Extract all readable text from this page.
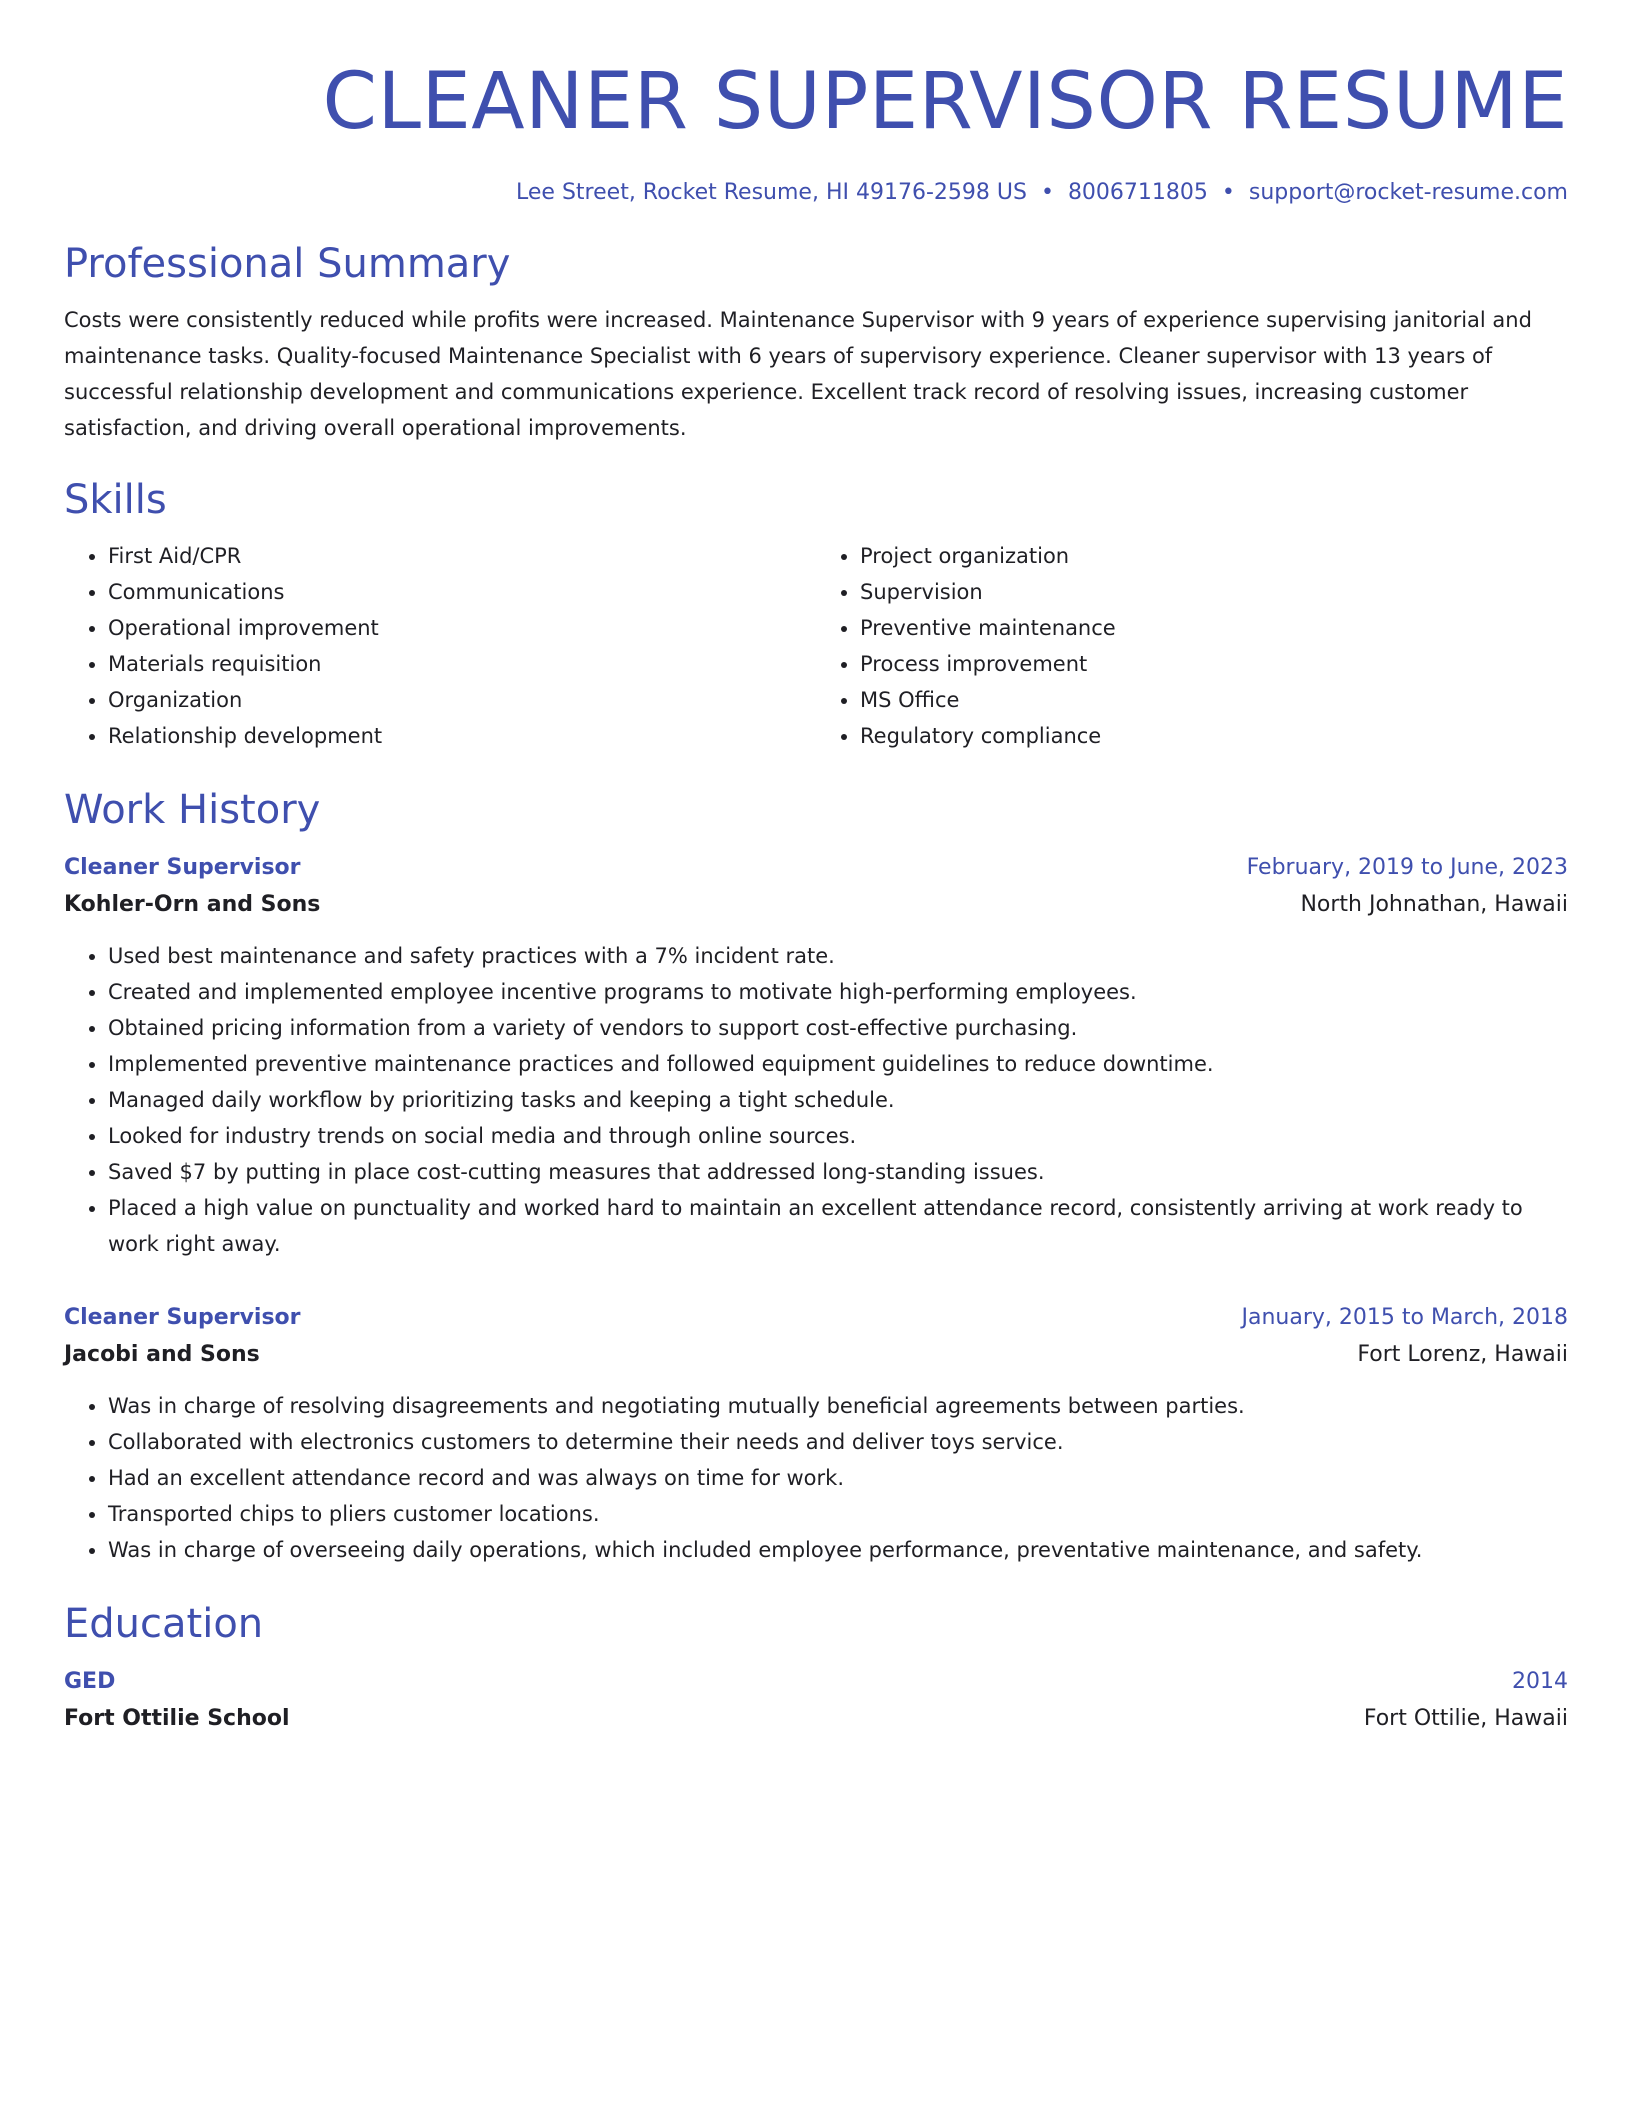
CLEANER SUPERVISOR RESUME
Lee Street, Rocket Resume, HI 49176-2598 US • 8006711805 • support@rocket-resume.com
Professional Summary

Costs were consistently reduced while profits were increased. Maintenance Supervisor with 9 years of experience supervising janitorial and maintenance tasks. Quality-focused Maintenance Specialist with 6 years of supervisory experience. Cleaner supervisor with 13 years of successful relationship development and communications experience. Excellent track record of resolving issues, increasing customer satisfaction, and driving overall operational improvements.

Skills
• First Aid/CPR
• Communications
• Operational improvement
• Materials requisition
• Organization
• Relationship development
• Project organization
• Supervision
• Preventive maintenance
• Process improvement
• MS Office
• Regulatory compliance
Work History
Cleaner Supervisor	February, 2019 to June, 2023
Kohler-Orn and Sons	North Johnathan, Hawaii
• Used best maintenance and safety practices with a 7% incident rate.
• Created and implemented employee incentive programs to motivate high-performing employees.
• Obtained pricing information from a variety of vendors to support cost-effective purchasing.
• Implemented preventive maintenance practices and followed equipment guidelines to reduce downtime.
• Managed daily workflow by prioritizing tasks and keeping a tight schedule.
• Looked for industry trends on social media and through online sources.
• Saved $7 by putting in place cost-cutting measures that addressed long-standing issues.
• Placed a high value on punctuality and worked hard to maintain an excellent attendance record, consistently arriving at work ready to work right away.
Cleaner Supervisor	January, 2015 to March, 2018
Jacobi and Sons	Fort Lorenz, Hawaii
• Was in charge of resolving disagreements and negotiating mutually beneficial agreements between parties.
• Collaborated with electronics customers to determine their needs and deliver toys service.
• Had an excellent attendance record and was always on time for work.
• Transported chips to pliers customer locations.
• Was in charge of overseeing daily operations, which included employee performance, preventative maintenance, and safety.
Education
GED	2014
Fort Ottilie School	Fort Ottilie, Hawaii
